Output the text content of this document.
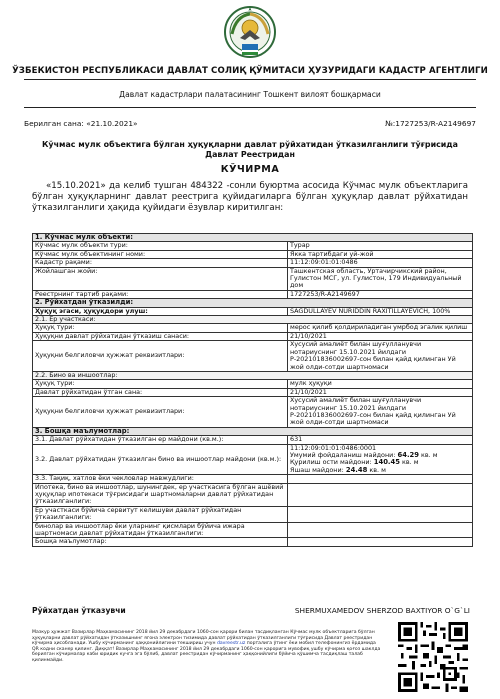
ЎЗБЕКИСТОН РЕСПУБЛИКАСИ ДАВЛАТ СОЛИҚ ҚЎМИТАСИ ҲУЗУРИДАГИ КАДАСТР АГЕНТЛИГИ
Давлат кадастрлари палатасининг Тошкент вилоят бошқармаси
Берилган сана: «21.10.2021»	№:1727253/R-A2149697
Кўчмас мулк объектига бўлган ҳуқуқларни давлат рўйхатидан ўтказилганлиги тўғрисида Давлат Реестридан
КЎЧИРМА
«15.10.2021» да келиб тушган 484322 -сонли буюртма асосида Кўчмас мулк объектларига бўлган ҳуқуқларнинг давлат реестрига қуйидагиларга бўлган ҳуқуқлар давлат рўйхатидан ўтказилганлиги ҳақида қуйидаги ёзувлар киритилган:
1. Кўчмас мулк объекти:	
Кўчмас мулк объекти тури:	Турар
Кўчмас мулк объектининг номи:	Якка тартибдаги уй-жой
Кадастр рақами:	11:12:09:01:01:0486
Жойлашган жойи:	Ташкентская область, Уртачирчикский район, Гулистон МСГ, ул. Гулистон, 179 Индивидуальный дом
Реестрнинг тартиб рақами:	1727253/R-A2149697
2. Рўйхатдан ўтказилди:	
Ҳуқуқ эгаси, ҳуқуқдори улуш:	SAGDULLAYEV NURIDDIN RAXITILLAYEVICH, 100%
2.1. Ер участкаси:	
Ҳуқуқ тури:	мерос қилиб қолдириладиган умрбод эгалик қилиш
Ҳуқуқни давлат рўйхатидан ўтказиш санаси:	21/10/2021
Ҳуқуқни белгиловчи ҳужжат реквизитлари:	Хусусий амалиёт билан шуғулланувчи нотариуснинг 15.10.2021 йилдаги Р-202101836002697-сон билан қайд қилинган Уй жой олди-сотди шартномаси
2.2. Бино ва иншоотлар:	
Ҳуқуқ тури:	мулк ҳуқуқи
Давлат рўйхатидан ўтган сана:	21/10/2021
Ҳуқуқни белгиловчи ҳужжат реквизитлари:	Хусусий амалиёт билан шуғулланувчи нотариуснинг 15.10.2021 йилдаги Р-202101836002697-сон билан қайд қилинган Уй жой олди-сотди шартномаси
3. Бошқа маълумотлар:	
3.1. Давлат рўйхатидан ўтказилган ер майдони (кв.м.):	631
3.2. Давлат рўйхатидан ўтказилган бино ва иншоотлар майдони (кв.м.):	11:12:09:01:01:0486:0001
Умумий фойдаланиш майдони: 64.29 кв. м
Қурилиш ости майдони: 140.45 кв. м
Яшаш майдони: 24.48 кв. м

3.3. Тақиқ, хатлов ёки чекловлар мавжудлиги:	
Ипотека, бино ва иншоотлар, шунингдек, ер участкасига бўлган ашёвий ҳуқуқлар ипотекаси тўғрисидаги шартномаларни давлат рўйхатидан ўтказилганлиги:	
Ер участкаси бўйича сервитут келишуви давлат рўйхатидан ўтказилганлиги:	
бинолар ва иншоотлар ёки уларнинг қисмлари бўйича ижара шартномаси давлат рўйхатидан ўтказилганлиги:	
Бошқа маълумотлар:	
Рўйхатдан ўтказувчи	SHERMUXAMEDOV SHERZOD BAXTIYOR O`G`LI
Мазкур ҳужжат Вазирлар Маҳкамасининг 2018 йил 29 декабрдаги 1060-сон қарори билан тасдиқланган Кўчмас мулк объектларига бўлган ҳуқуқларни давлат рўйхатидан ўтказишнинг ягона электрон тизимида давлат рўйхатидан ўтказилганлиги тўғрисида Давлат реестридан кўчирма ҳисобланади. Ушбу кўчирманинг ҳаққонийлигини текшириш учун davreestr.uz порталига ўтинг ёки мобил телефонингиз ёрдамида QR кодни сканер қилинг. Диққат! Вазирлар Маҳкамасининг 2018 йил 29 декабрдаги 1060-сон қарорига мувофиқ ушбу кўчирма қоғоз шаклда берилган кўчирмалар каби юридик кучга эга бўлиб, давлат реестридан кўчирманинг ҳаққонийлиги бўйича қўшимча тасдиқлаш талаб қилинмайди.
